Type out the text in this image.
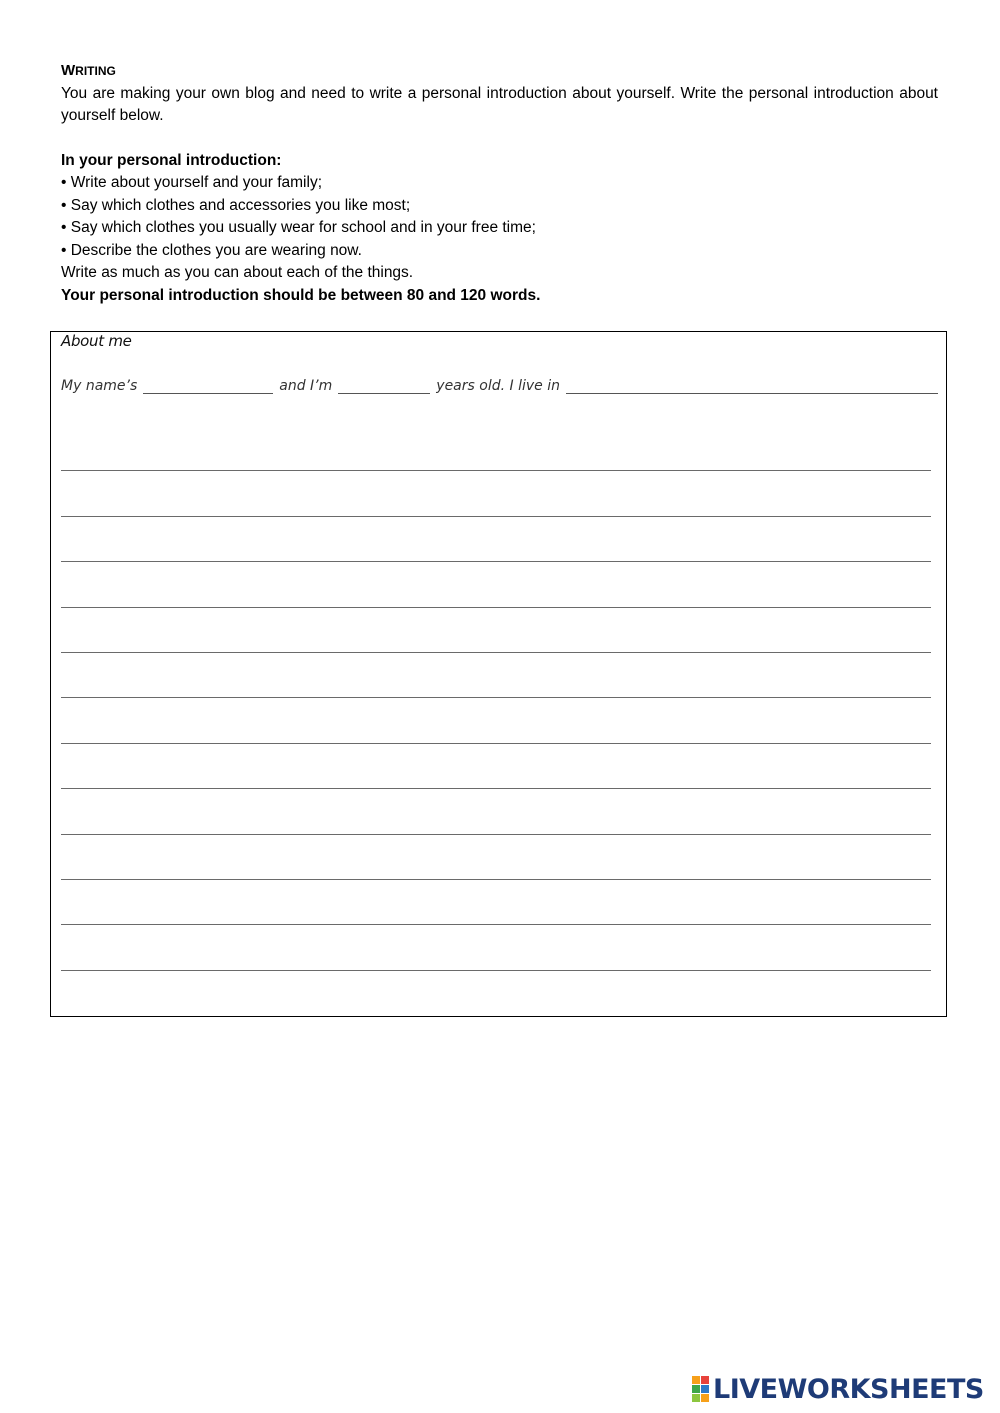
WRITING

You are making your own blog and need to write a personal introduction about yourself. Write the personal introduction about yourself below.

In your personal introduction:

• Write about yourself and your family;
• Say which clothes and accessories you like most;
• Say which clothes you usually wear for school and in your free time;
• Describe the clothes you are wearing now.

Write as much as you can about each of the things.

Your personal introduction should be between 80 and 120 words.

About me
My name’s	and I’m	years old. I live in
LIVEWORKSHEETS
